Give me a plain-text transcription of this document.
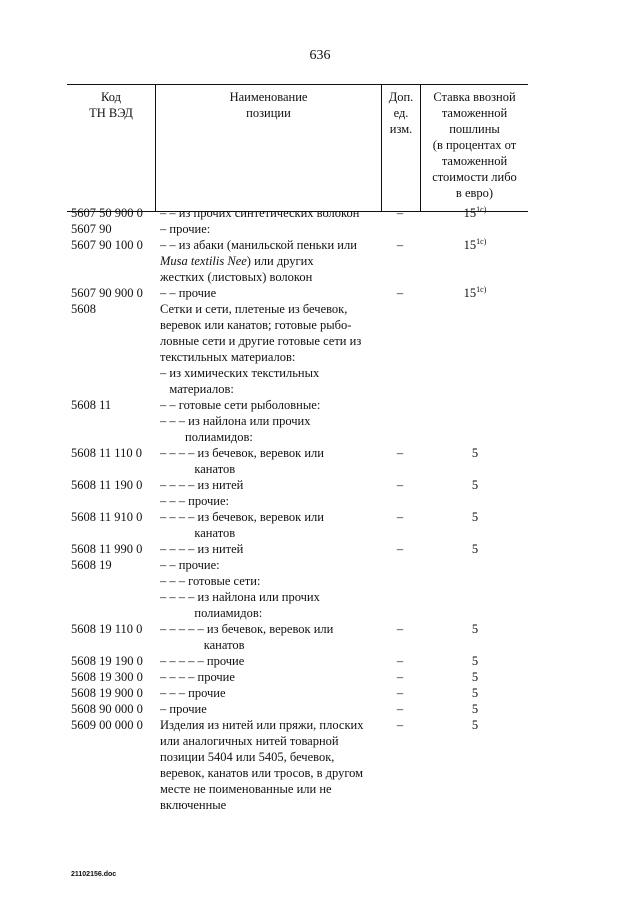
636
Код
ТН ВЭД
Наименование
позиции
Доп.
ед.
изм.
Ставка ввозной
таможенной
пошлины
(в процентах от
таможенной
стоимости либо
в евро)
5607 50 900 0 – – из прочих синтетических волокон	–	$15^{1c)}$
5607 90	– прочие:
5607 90 100 0 – – из абаки (манильской пеньки или
Musa textilis Nee) или других
жестких (листовых) волокон
–	$15^{1c)}$
5607 90 900 0 – – прочие	–	$15^{1c)}$
5608	Сетки и сети, плетеные из бечевок,
веревок или канатов; готовые рыбо-
ловные сети и другие готовые сети из
текстильных материалов:
– из химических текстильных
материалов:
5608 11	– – готовые сети рыболовные:
– – – из найлона или прочих
полиамидов:
5608 11 110 0 – – – – из бечевок, веревок или
канатов
–	5
5608 11 190 0 – – – – из нитей	–	5
– – – прочие:
5608 11 910 0 – – – – из бечевок, веревок или
канатов
–	5
5608 11 990 0 – – – – из нитей	–	5
5608 19	– – прочие:
– – – готовые сети:
– – – – из найлона или прочих
полиамидов:
5608 19 110 0 – – – – – из бечевок, веревок или
канатов
–	5
5608 19 190 0 – – – – – прочие	–	5
5608 19 300 0 – – – – прочие	–	5
5608 19 900 0 – – – прочие	–	5
5608 90 000 0 – прочие	–	5
5609 00 000 0 Изделия из нитей или пряжи, плоских
или аналогичных нитей товарной
позиции 5404 или 5405, бечевок,
веревок, канатов или тросов, в другом
месте не поименованные или не
включенные
–	5
21102156.doc
